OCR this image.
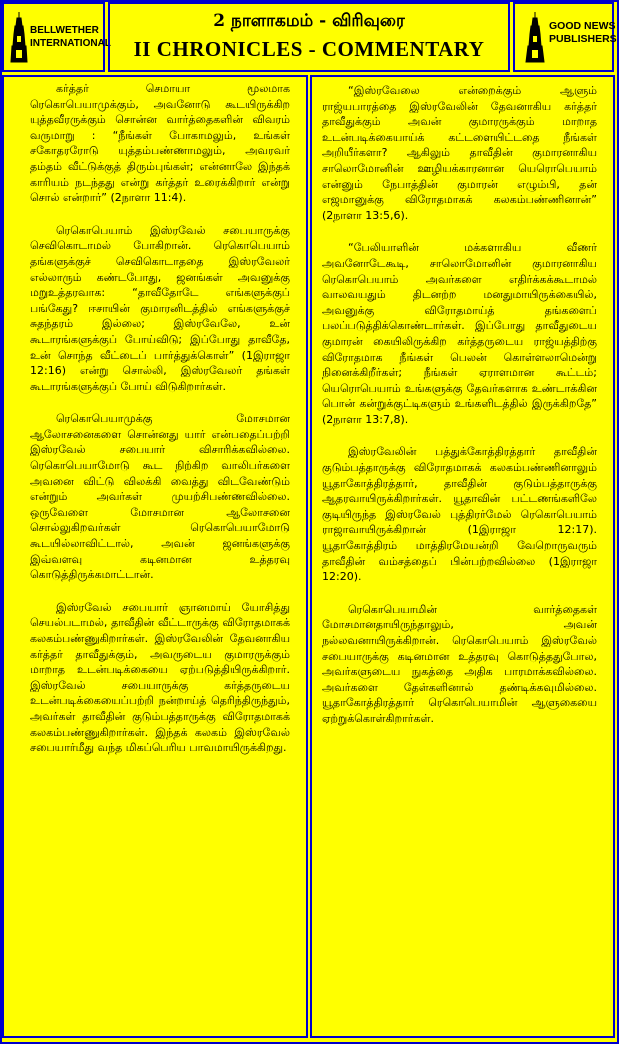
BELLWETHER
INTERNATIONAL
2 நாளாகமம் - விரிவுரை
II CHRONICLES - COMMENTARY
GOOD NEWS
PUBLISHERS

கர்த்தர் செமாயா மூலமாக ரெகொபெயாமுக்கும், அவனோடு கூடயிருக்கிற யுத்தவீரருக்கும் சொன்ன வார்த்தைகளின் விவரம் வருமாறு : “நீங்கள் போகாமலும், உங்கள் சகோதரரோடு யுத்தம்பண்ணாமலும், அவரவர் தம்தம் வீட்டுக்குத் திரும்புங்கள்; என்னாலே இந்தக் காரியம் நடந்தது என்று கர்த்தர் உரைக்கிறார் என்று சொல் என்றார்” (2நாளா 11:4).

ரெகொபெயாம் இஸ்ரவேல் சபையாருக்கு செவிகொடாமல் போகிறான். ரெகொபெயாம் தங்களுக்குச் செவிகொடாததை இஸ்ரவேலர் எல்லாரும் கண்டபோது, ஜனங்கள் அவனுக்கு மறுஉத்தரவாக: “தாவீதோடே எங்களுக்குப் பங்கேது? ஈசாயின் குமாரனிடத்தில் எங்களுக்குச் சுதந்தரம் இல்லை; இஸ்ரவேலே, உன் கூடாரங்களுக்குப் போய்விடு; இப்போது தாவீதே, உன் சொந்த வீட்டைப் பார்த்துக்கொள்” (1இராஜா 12:16) என்று சொல்லி, இஸ்ரவேலர் தங்கள் கூடாரங்களுக்குப் போய் விடுகிறார்கள்.

ரெகொபெயாமுக்கு மோசமான ஆலோசனைகளை சொன்னது யார் என்பதைப்பற்றி இஸ்ரவேல் சபையார் விசாரிக்கவில்லை. ரெகொபெயாமோடு கூட நிற்கிற வாலிபர்களை அவனை விட்டு விலக்கி வைத்து விடவேண்டும் என்றும் அவர்கள் முயற்சிபண்ணவில்லை. ஒருவேளை மோசமான ஆலோசனை சொல்லுகிறவர்கள் ரெகொபெயாமோடு கூடயில்லாவிட்டால், அவன் ஜனங்களுக்கு இவ்வளவு கடினமான உத்தரவு கொடுத்திருக்கமாட்டான்.

இஸ்ரவேல் சபையார் ஞானமாய் யோசித்து செயல்படாமல், தாவீதின் வீட்டாருக்கு விரோதமாகக் கலகம்பண்ணுகிறார்கள். இஸ்ரவேலின் தேவனாகிய கர்த்தர் தாவீதுக்கும், அவருடைய குமாரருக்கும் மாறாத உடன்படிக்கையை ஏற்படுத்தியிருக்கிறார். இஸ்ரவேல் சபையாருக்கு கர்த்தருடைய உடன்படிக்கையைப்பற்றி நன்றாய்த் தெரிந்திருந்தும், அவர்கள் தாவீதின் குடும்பத்தாருக்கு விரோதமாகக் கலகம்பண்ணுகிறார்கள். இந்தக் கலகம் இஸ்ரவேல் சபையார்மீது வந்த மிகப்பெரிய பாவமாயிருக்கிறது.

“இஸ்ரவேலை என்றைக்கும் ஆளும் ராஜ்யபாரத்தை இஸ்ரவேலின் தேவனாகிய கர்த்தர் தாவீதுக்கும் அவன் குமாரருக்கும் மாறாத உடன்படிக்கையாய்க் கட்டளையிட்டதை நீங்கள் அறியீர்களா? ஆகிலும் தாவீதின் குமாரனாகிய சாலொமோனின் ஊழியக்காரனான யெரொபெயாம் என்னும் நேபாத்தின் குமாரன் எழும்பி, தன் எஜமானுக்கு விரோதமாகக் கலகம்பண்ணினான்” (2நாளா 13:5,6).

“பேலியாளின் மக்களாகிய வீணர் அவனோடேகூடி, சாலொமோனின் குமாரனாகிய ரெகொபெயாம் அவர்களை எதிர்க்கக்கூடாமல் வாலவயதும் திடனற்ற மனதுமாயிருக்கையில், அவனுக்கு விரோதமாய்த் தங்களைப் பலப்படுத்திக்கொண்டார்கள். இப்போது தாவீதுடைய குமாரன் கையிலிருக்கிற கர்த்தருடைய ராஜ்யத்திற்கு விரோதமாக நீங்கள் பெலன் கொள்ளலாமென்று நினைக்கிறீர்கள்; நீங்கள் ஏராளமான கூட்டம்; யெரொபெயாம் உங்களுக்கு தேவர்களாக உண்டாக்கின பொன் கன்றுக்குட்டிகளும் உங்களிடத்தில் இருக்கிறதே” (2நாளா 13:7,8).

இஸ்ரவேலின் பத்துக்கோத்திரத்தார் தாவீதின் குடும்பத்தாருக்கு விரோதமாகக் கலகம்பண்ணினாலும் யூதாகோத்திரத்தார், தாவீதின் குடும்பத்தாருக்கு ஆதரவாயிருக்கிறார்கள். யூதாவின் பட்டணங்களிலே குடியிருந்த இஸ்ரவேல் புத்திரர்மேல் ரெகொபெயாம் ராஜாவாயிருக்கிறான் (1இராஜா 12:17). யூதாகோத்திரம் மாத்திரமேயன்றி வேறொருவரும் தாவீதின் வம்சத்தைப் பின்பற்றவில்லை (1இராஜா 12:20).

ரெகொபெயாமின் வார்த்தைகள் மோசமானதாயிருந்தாலும், அவன் நல்லவனாயிருக்கிறான். ரெகொபெயாம் இஸ்ரவேல் சபையாருக்கு கடினமான உத்தரவு கொடுத்ததுபோல, அவர்களுடைய நுகத்தை அதிக பாரமாக்கவில்லை. அவர்களை தேள்களினால் தண்டிக்கவுமில்லை. யூதாகோத்திரத்தார் ரெகொபெயாமின் ஆளுகையை ஏற்றுக்கொள்கிறார்கள்.
